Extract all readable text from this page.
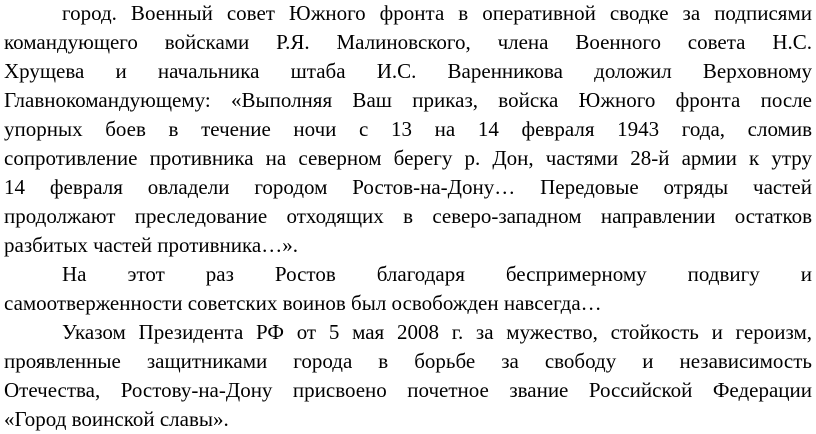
город. Военный совет Южного фронта в оперативной сводке за подписями
командующего войсками Р.Я. Малиновского, члена Военного совета Н.С.
Хрущева и начальника штаба И.С. Варенникова доложил Верховному
Главнокомандующему: «Выполняя Ваш приказ, войска Южного фронта после
упорных боев в течение ночи с 13 на 14 февраля 1943 года, сломив
сопротивление противника на северном берегу р. Дон, частями 28-й армии к утру
14 февраля овладели городом Ростов-на-Дону… Передовые отряды частей
продолжают преследование отходящих в северо-западном направлении остатков
разбитых частей противника…».
На этот раз Ростов благодаря беспримерному подвигу и
самоотверженности советских воинов был освобожден навсегда…
Указом Президента РФ от 5 мая 2008 г. за мужество, стойкость и героизм,
проявленные защитниками города в борьбе за свободу и независимость
Отечества, Ростову-на-Дону присвоено почетное звание Российской Федерации
«Город воинской славы».
